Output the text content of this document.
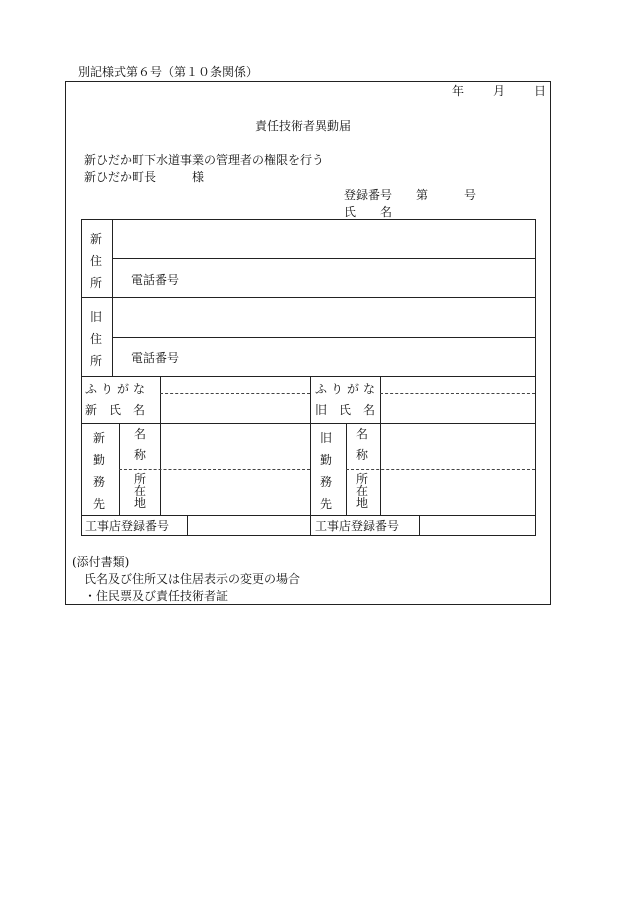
別記様式第６号（第１０条関係）
年 月 日
責任技術者異動届
新ひだか町下水道事業の管理者の権限を行う
新ひだか町長　　　様
登録番号　　第　　　号
氏　　名
新住所 電話番号
旧住所 電話番号
ふりがな
新　氏　名
ふりがな
旧　氏　名
新勤務先
名称
所在地
旧勤務先
名称
所在地
工事店登録番号	工事店登録番号
(添付書類)
氏名及び住所又は住居表示の変更の場合
・住民票及び責任技術者証
